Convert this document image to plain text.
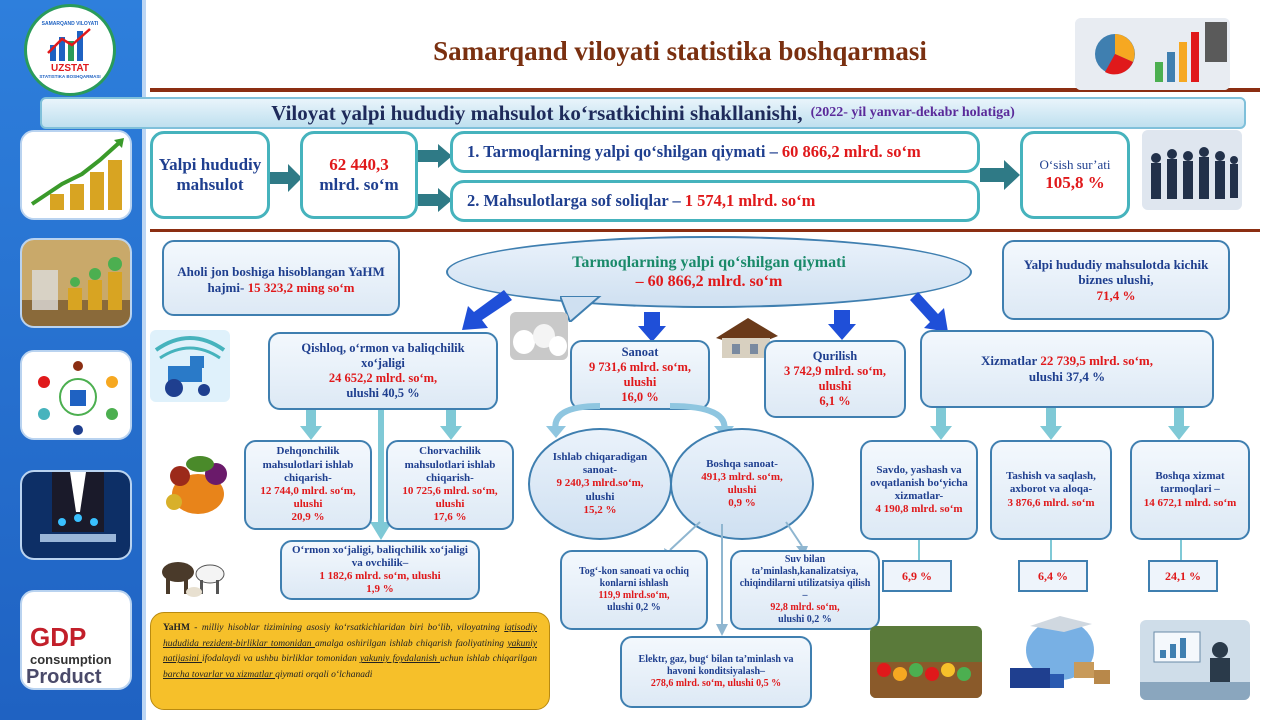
SAMARQAND VILOYATI
UZSTAT
STATISTIKA BOSHQARMASI
GDP
consumption
Product
Samarqand viloyati statistika boshqarmasi
Viloyat yalpi hududiy mahsulot ko‘rsatkichini shakllanishi, (2022- yil yanvar-dekabr holatiga)
Yalpi hududiy mahsulot
62 440,3
mlrd. so‘m
1. Tarmoqlarning yalpi qo‘shilgan qiymati – 60 866,2 mlrd. so‘m
2. Mahsulotlarga sof soliqlar – 1 574,1 mlrd. so‘m
O‘sish sur’ati
105,8 %
Aholi jon boshiga hisoblangan YaHM hajmi- 15 323,2 ming so‘m
Tarmoqlarning yalpi qo‘shilgan qiymati
– 60 866,2 mlrd. so‘m
Yalpi hududiy mahsulotda kichik biznes ulushi,
71,4 %
Qishloq, o‘rmon va baliqchilik xo‘jaligi
24 652,2 mlrd. so‘m,
ulushi 40,5 %
Dehqonchilik mahsulotlari ishlab chiqarish-
12 744,0 mlrd. so‘m, ulushi
20,9 %
Chorvachilik mahsulotlari ishlab chiqarish-
10 725,6 mlrd. so‘m, ulushi
17,6 %
O‘rmon xo‘jaligi, baliqchilik xo‘jaligi va ovchilik–
1 182,6 mlrd. so‘m, ulushi
1,9 %
Sanoat
9 731,6 mlrd. so‘m, ulushi
16,0 %
Ishlab chiqaradigan sanoat-
9 240,3 mlrd.so‘m,
ulushi
15,2 %
Boshqa sanoat-
491,3 mlrd. so‘m, ulushi
0,9 %
Tog‘-kon sanoati va ochiq konlarni ishlash
119,9 mlrd.so‘m,
ulushi 0,2 %
Suv bilan ta’minlash,kanalizatsiya, chiqindilarni utilizatsiya qilish –
92,8 mlrd. so‘m,
ulushi 0,2 %
Elektr, gaz, bug‘ bilan ta’minlash va havoni konditsiyalash–
278,6 mlrd. so‘m, ulushi 0,5 %
Qurilish
3 742,9 mlrd. so‘m, ulushi
6,1 %
Xizmatlar 22 739,5 mlrd. so‘m,
ulushi 37,4 %
Savdo, yashash va ovqatlanish bo‘yicha xizmatlar-
4 190,8 mlrd. so‘m
Tashish va saqlash, axborot va aloqa-
3 876,6 mlrd. so‘m
Boshqa xizmat tarmoqlari –
14 672,1 mlrd. so‘m
6,9 %	6,4 %	24,1 %
YaHM - milliy hisoblar tizimining asosiy ko‘rsatkichlaridan biri bo‘lib, viloyatning iqtisodiy hududida rezident-birliklar tomonidan amalga oshirilgan ishlab chiqarish faoliyatining yakuniy natijasini ifodalaydi va ushbu birliklar tomonidan yakuniy foydalanish uchun ishlab chiqarilgan barcha tovarlar va xizmatlar qiymati orqali o‘lchanadi
